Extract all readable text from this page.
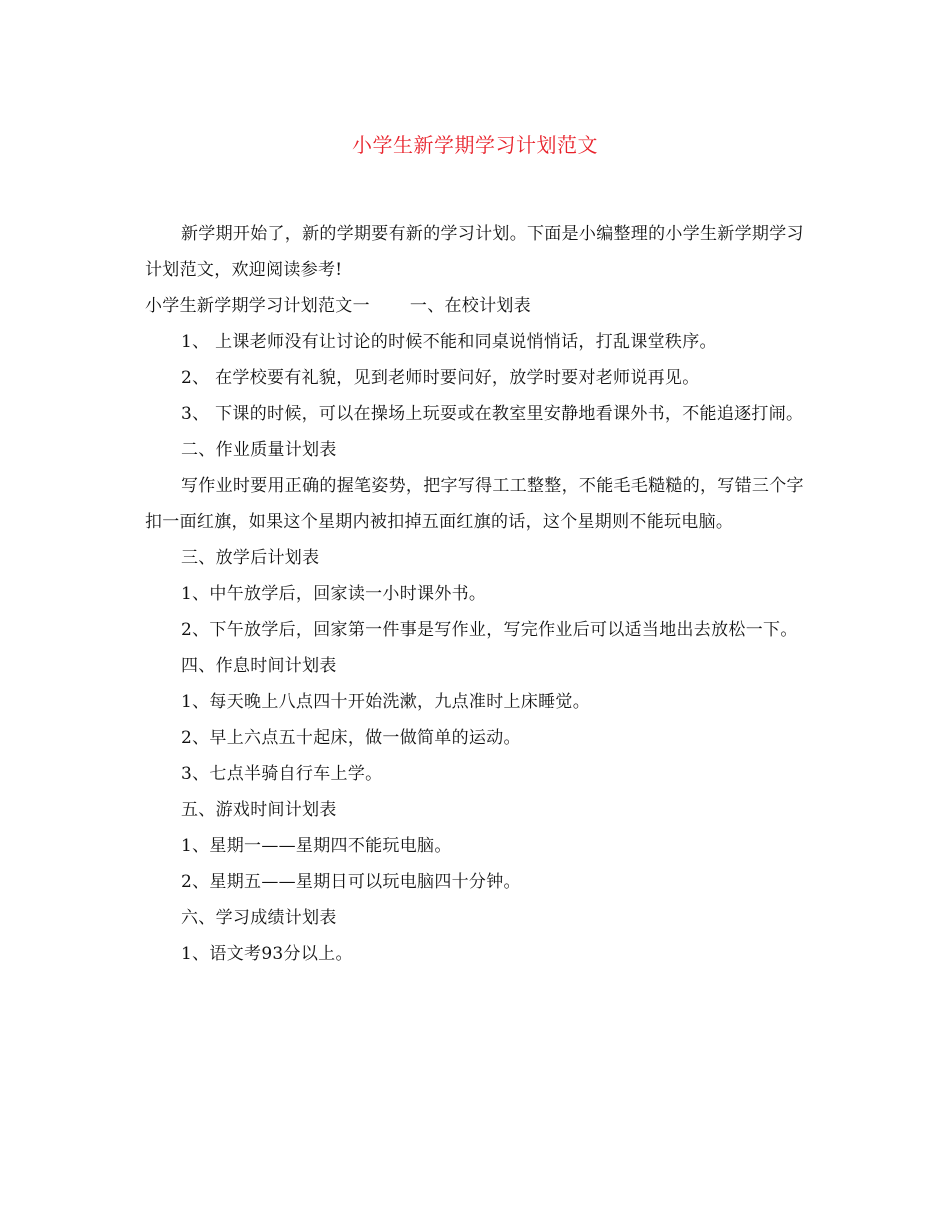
小学生新学期学习计划范文

新学期开始了，新的学期要有新的学习计划。下面是小编整理的小学生新学期学习计划范文，欢迎阅读参考!

小学生新学期学习计划范文一 一、在校计划表

1、 上课老师没有让讨论的时候不能和同桌说悄悄话，打乱课堂秩序。

2、 在学校要有礼貌，见到老师时要问好，放学时要对老师说再见。

3、 下课的时候，可以在操场上玩耍或在教室里安静地看课外书，不能追逐打闹。

二、作业质量计划表

写作业时要用正确的握笔姿势，把字写得工工整整，不能毛毛糙糙的，写错三个字扣一面红旗，如果这个星期内被扣掉五面红旗的话，这个星期则不能玩电脑。

三、放学后计划表

1、中午放学后，回家读一小时课外书。

2、下午放学后，回家第一件事是写作业，写完作业后可以适当地出去放松一下。

四、作息时间计划表

1、每天晚上八点四十开始洗漱，九点准时上床睡觉。

2、早上六点五十起床，做一做简单的运动。

3、七点半骑自行车上学。

五、游戏时间计划表

1、星期一——星期四不能玩电脑。

2、星期五——星期日可以玩电脑四十分钟。

六、学习成绩计划表

1、语文考93分以上。
